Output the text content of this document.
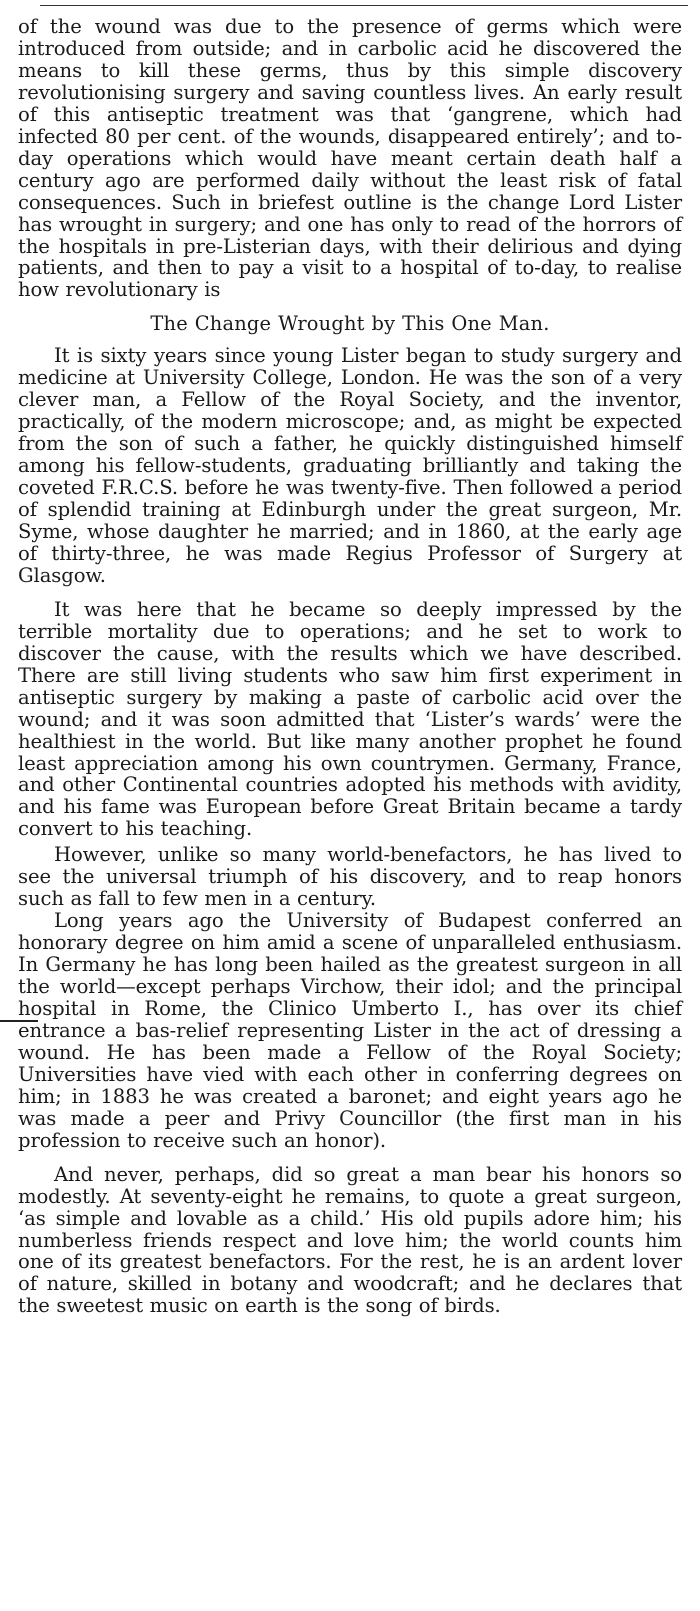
of the wound was due to the presence of germs which were introduced from outside; and in carbolic acid he discovered the means to kill these germs, thus by this simple discovery revolutionising surgery and saving countless lives. An early result of this antiseptic treatment was that ‘gangrene, which had infected 80 per cent. of the wounds, disappeared entirely’; and to-day operations which would have meant certain death half a century ago are performed daily without the least risk of fatal consequences. Such in briefest outline is the change Lord Lister has wrought in surgery; and one has only to read of the horrors of the hospitals in pre-Listerian days, with their delirious and dying patients, and then to pay a visit to a hospital of to-day, to realise how revolutionary is

The Change Wrought by This One Man.

It is sixty years since young Lister began to study surgery and medicine at University College, London. He was the son of a very clever man, a Fellow of the Royal Society, and the inventor, practically, of the modern microscope; and, as might be expected from the son of such a father, he quickly distinguished himself among his fellow-students, graduating brilliantly and taking the coveted F.R.C.S. before he was twenty-five. Then followed a period of splendid training at Edinburgh under the great surgeon, Mr. Syme, whose daughter he married; and in 1860, at the early age of thirty-three, he was made Regius Professor of Surgery at Glasgow.

It was here that he became so deeply impressed by the terrible mortality due to operations; and he set to work to discover the cause, with the results which we have described. There are still living students who saw him first experiment in antiseptic surgery by making a paste of carbolic acid over the wound; and it was soon admitted that ‘Lister’s wards’ were the healthiest in the world. But like many another prophet he found least appreciation among his own countrymen. Germany, France, and other Continental countries adopted his methods with avidity, and his fame was European before Great Britain became a tardy convert to his teaching.

However, unlike so many world-benefactors, he has lived to see the universal triumph of his discovery, and to reap honors such as fall to few men in a century.

Long years ago the University of Budapest conferred an honorary degree on him amid a scene of unparalleled enthusiasm. In Germany he has long been hailed as the greatest surgeon in all the world—except perhaps Virchow, their idol; and the principal hospital in Rome, the Clinico Umberto I., has over its chief entrance a bas-relief representing Lister in the act of dressing a wound. He has been made a Fellow of the Royal Society; Universities have vied with each other in conferring degrees on him; in 1883 he was created a baronet; and eight years ago he was made a peer and Privy Councillor (the first man in his profession to receive such an honor).

And never, perhaps, did so great a man bear his honors so modestly. At seventy-eight he remains, to quote a great surgeon, ‘as simple and lovable as a child.’ His old pupils adore him; his numberless friends respect and love him; the world counts him one of its greatest benefactors. For the rest, he is an ardent lover of nature, skilled in botany and woodcraft; and he declares that the sweetest music on earth is the song of birds.
